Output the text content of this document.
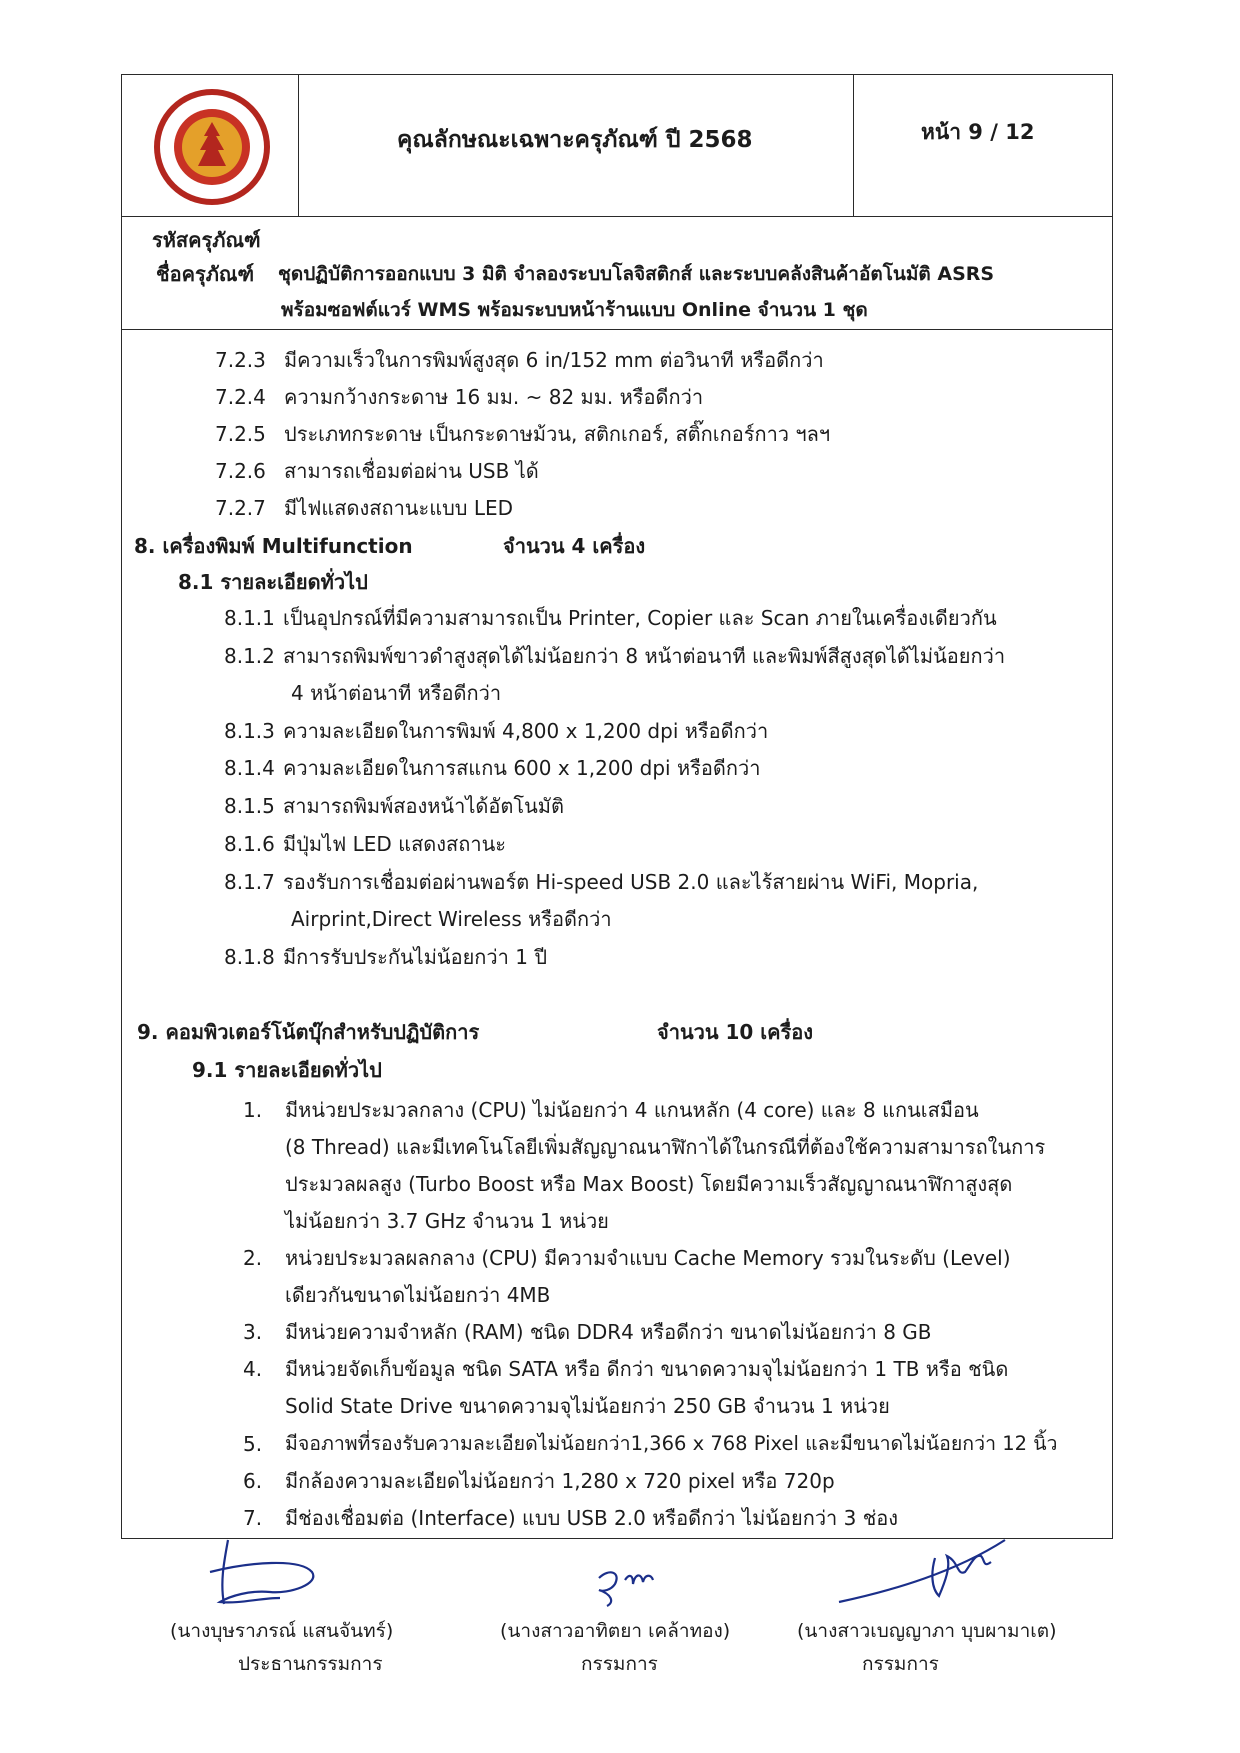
คุณลักษณะเฉพาะครุภัณฑ์ ปี 2568	หน้า 9 / 12
รหัสครุภัณฑ์
ชื่อครุภัณฑ์ ชุดปฏิบัติการออกแบบ 3 มิติ จำลองระบบโลจิสติกส์ และระบบคลังสินค้าอัตโนมัติ ASRS
พร้อมซอฟต์แวร์ WMS พร้อมระบบหน้าร้านแบบ Online จำนวน 1 ชุด
7.2.3 มีความเร็วในการพิมพ์สูงสุด 6 in/152 mm ต่อวินาที หรือดีกว่า
7.2.4 ความกว้างกระดาษ 16 มม. ~ 82 มม. หรือดีกว่า
7.2.5 ประเภทกระดาษ เป็นกระดาษม้วน, สติกเกอร์, สติ๊กเกอร์กาว ฯลฯ
7.2.6 สามารถเชื่อมต่อผ่าน USB ได้
7.2.7 มีไฟแสดงสถานะแบบ LED
8. เครื่องพิมพ์ Multifunction	จำนวน 4 เครื่อง
8.1 รายละเอียดทั่วไป
8.1.1 เป็นอุปกรณ์ที่มีความสามารถเป็น Printer, Copier และ Scan ภายในเครื่องเดียวกัน
8.1.2 สามารถพิมพ์ขาวดำสูงสุดได้ไม่น้อยกว่า 8 หน้าต่อนาที และพิมพ์สีสูงสุดได้ไม่น้อยกว่า
4 หน้าต่อนาที หรือดีกว่า
8.1.3 ความละเอียดในการพิมพ์ 4,800 x 1,200 dpi หรือดีกว่า
8.1.4 ความละเอียดในการสแกน 600 x 1,200 dpi หรือดีกว่า
8.1.5 สามารถพิมพ์สองหน้าได้อัตโนมัติ
8.1.6 มีปุ่มไฟ LED แสดงสถานะ
8.1.7 รองรับการเชื่อมต่อผ่านพอร์ต Hi-speed USB 2.0 และไร้สายผ่าน WiFi, Mopria,
Airprint,Direct Wireless หรือดีกว่า
8.1.8 มีการรับประกันไม่น้อยกว่า 1 ปี
9. คอมพิวเตอร์โน้ตบุ๊กสำหรับปฏิบัติการ	จำนวน 10 เครื่อง
9.1 รายละเอียดทั่วไป
1. มีหน่วยประมวลกลาง (CPU) ไม่น้อยกว่า 4 แกนหลัก (4 core) และ 8 แกนเสมือน
(8 Thread) และมีเทคโนโลยีเพิ่มสัญญาณนาฬิกาได้ในกรณีที่ต้องใช้ความสามารถในการ
ประมวลผลสูง (Turbo Boost หรือ Max Boost) โดยมีความเร็วสัญญาณนาฬิกาสูงสุด
ไม่น้อยกว่า 3.7 GHz จำนวน 1 หน่วย
2. หน่วยประมวลผลกลาง (CPU) มีความจำแบบ Cache Memory รวมในระดับ (Level)
เดียวกันขนาดไม่น้อยกว่า 4MB
3. มีหน่วยความจำหลัก (RAM) ชนิด DDR4 หรือดีกว่า ขนาดไม่น้อยกว่า 8 GB
4. มีหน่วยจัดเก็บข้อมูล ชนิด SATA หรือ ดีกว่า ขนาดความจุไม่น้อยกว่า 1 TB หรือ ชนิด
Solid State Drive ขนาดความจุไม่น้อยกว่า 250 GB จำนวน 1 หน่วย
5. มีจอภาพที่รองรับความละเอียดไม่น้อยกว่า1,366 x 768 Pixel และมีขนาดไม่น้อยกว่า 12 นิ้ว
6. มีกล้องความละเอียดไม่น้อยกว่า 1,280 x 720 pixel หรือ 720p
7. มีช่องเชื่อมต่อ (Interface) แบบ USB 2.0 หรือดีกว่า ไม่น้อยกว่า 3 ช่อง
(นางบุษราภรณ์ แสนจันทร์)
ประธานกรรมการ
(นางสาวอาทิตยา เคล้าทอง)
กรรมการ
(นางสาวเบญญาภา บุบผามาเต)
กรรมการ
